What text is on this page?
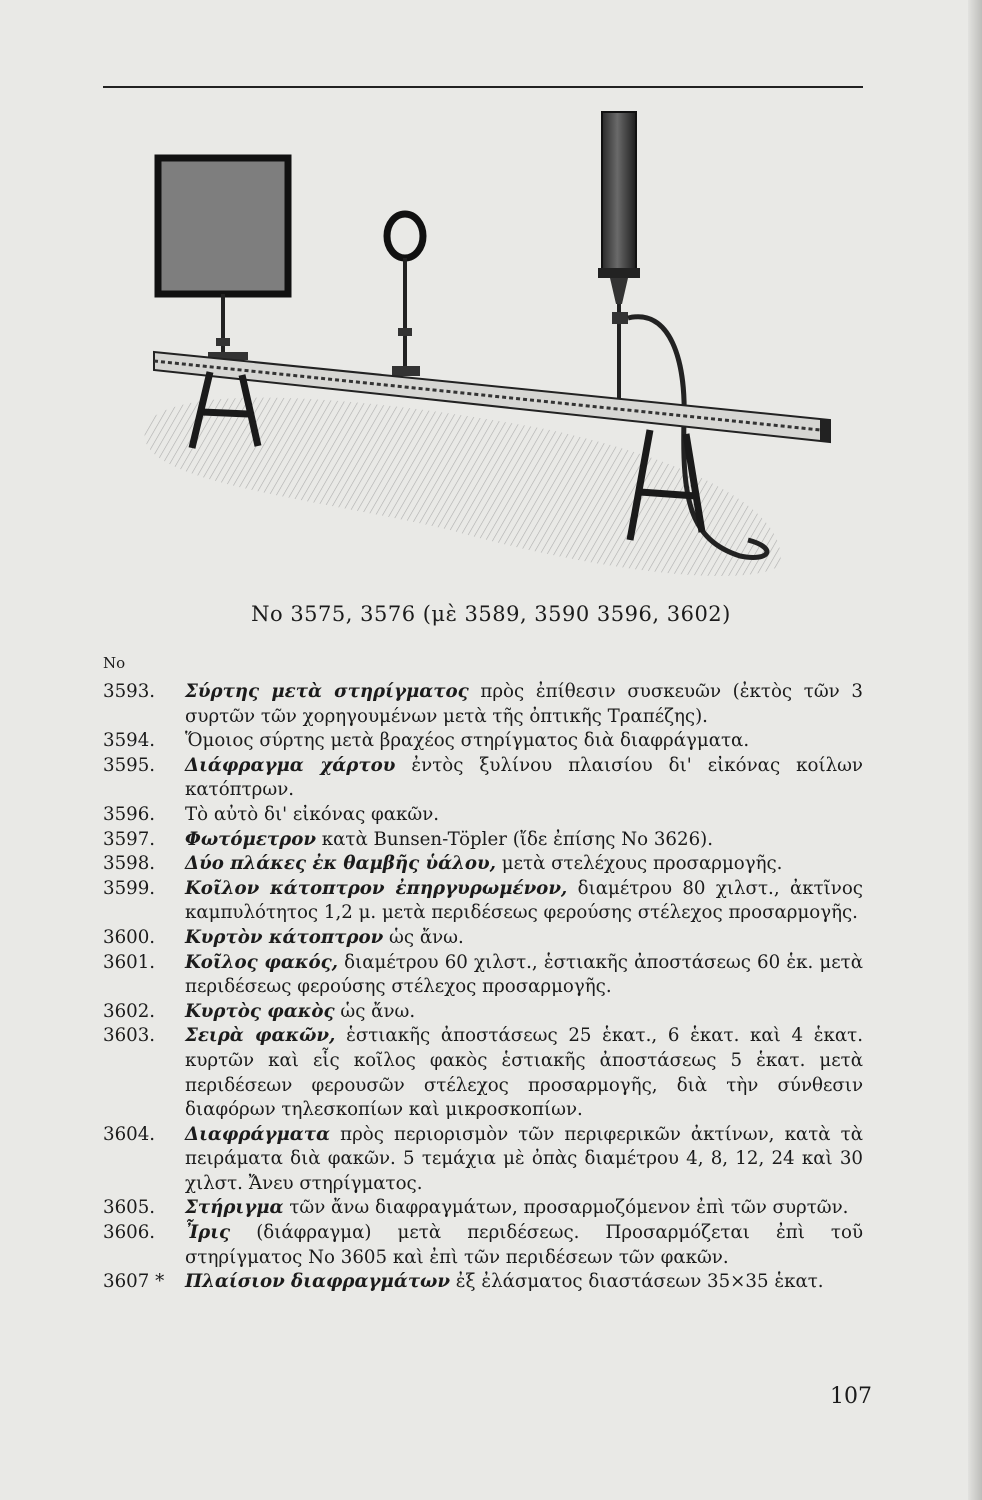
Νο 3575, 3576 (μὲ 3589, 3590 3596, 3602)
No
3593.	Σύρτης μετὰ στηρίγματος πρὸς ἐπίθεσιν συσκευῶν (ἐκτὸς τῶν 3 συρτῶν τῶν χορηγουμένων μετὰ τῆς ὀπτικῆς Τραπέζης).
3594.	Ὅμοιος σύρτης μετὰ βραχέος στηρίγματος διὰ διαφράγματα.
3595.	Διάφραγμα χάρτου ἐντὸς ξυλίνου πλαισίου δι' εἰκόνας κοίλων κατόπτρων.
3596.	Τὸ αὐτὸ δι' εἰκόνας φακῶν.
3597.	Φωτόμετρον κατὰ Bunsen-Töpler (ἴδε ἐπίσης Νο 3626).
3598.	Δύο πλάκες ἐκ θαμβῆς ὑάλου, μετὰ στελέχους προσαρμογῆς.
3599.	Κοῖλον κάτοπτρον ἐπηργυρωμένον, διαμέτρου 80 χιλστ., ἀκτῖνος καμπυλότητος 1,2 μ. μετὰ περιδέσεως φερούσης στέλεχος προσαρμογῆς.
3600.	Κυρτὸν κάτοπτρον ὡς ἄνω.
3601.	Κοῖλος φακός, διαμέτρου 60 χιλστ., ἑστιακῆς ἀποστάσεως 60 ἑκ. μετὰ περιδέσεως φερούσης στέλεχος προσαρμογῆς.
3602.	Κυρτὸς φακὸς ὡς ἄνω.
3603.	Σειρὰ φακῶν, ἑστιακῆς ἀποστάσεως 25 ἑκατ., 6 ἑκατ. καὶ 4 ἑκατ. κυρτῶν καὶ εἷς κοῖλος φακὸς ἑστιακῆς ἀποστάσεως 5 ἑκατ. μετὰ περιδέσεων φερουσῶν στέλεχος προσαρμογῆς, διὰ τὴν σύνθεσιν διαφόρων τηλεσκοπίων καὶ μικροσκοπίων.
3604.	Διαφράγματα πρὸς περιορισμὸν τῶν περιφερικῶν ἀκτίνων, κατὰ τὰ πειράματα διὰ φακῶν. 5 τεμάχια μὲ ὀπὰς διαμέτρου 4, 8, 12, 24 καὶ 30 χιλστ. Ἄνευ στηρίγματος.
3605.	Στήριγμα τῶν ἄνω διαφραγμάτων, προσαρμοζόμενον ἐπὶ τῶν συρτῶν.
3606.	Ἶρις (διάφραγμα) μετὰ περιδέσεως. Προσαρμόζεται ἐπὶ τοῦ στηρίγματος Νο 3605 καὶ ἐπὶ τῶν περιδέσεων τῶν φακῶν.
3607 *	Πλαίσιον διαφραγμάτων ἐξ ἐλάσματος διαστάσεων 35×35 ἑκατ.
107
